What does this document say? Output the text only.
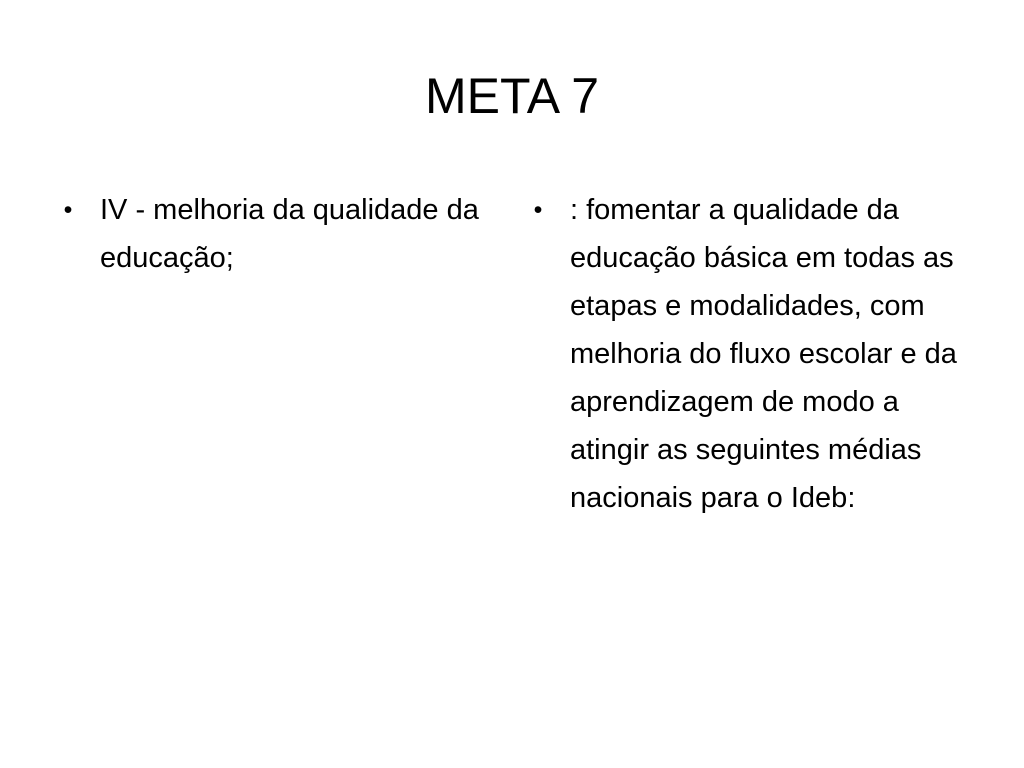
META 7
• IV - melhoria da qualidade da educação;
• : fomentar a qualidade da educação básica em todas as etapas e modalidades, com melhoria do fluxo escolar e da aprendizagem de modo a atingir as seguintes médias nacionais para o Ideb:
